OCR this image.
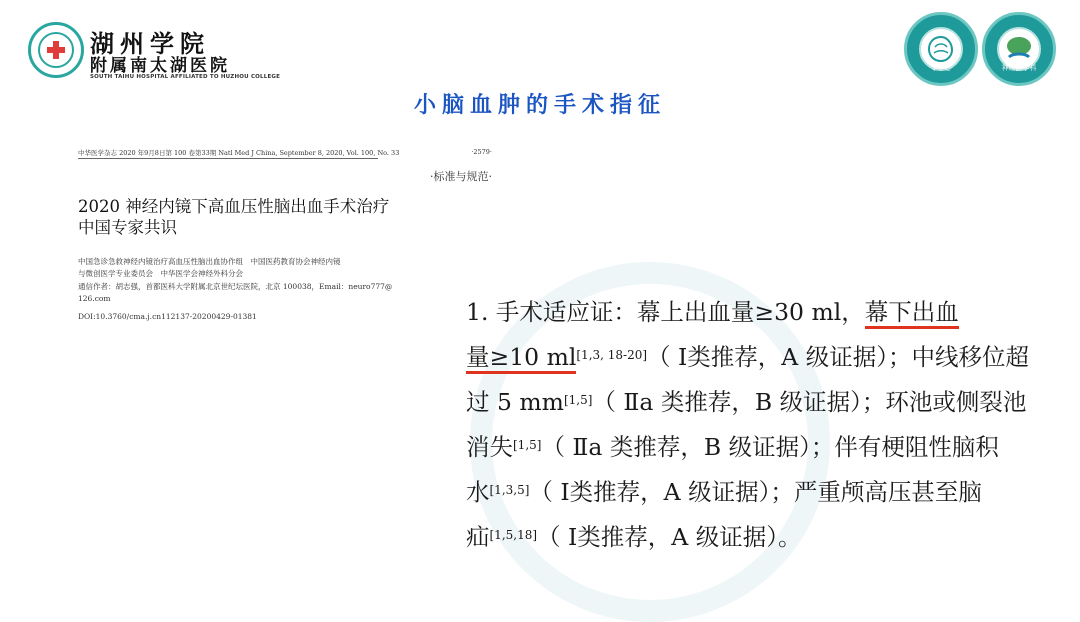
湖州学院
附属南太湖医院
SOUTH TAIHU HOSPITAL AFFILIATED TO HUZHOU COLLEGE
专中心	神经医学科
小脑血肿的手术指征
中华医学杂志 2020 年9月8日第 100 卷第33期 Natl Med J China, September 8, 2020, Vol. 100, No. 33	·2579·
·标准与规范·
2020 神经内镜下高血压性脑出血手术治疗
中国专家共识
中国急诊急救神经内镜治疗高血压性脑出血协作组　中国医药教育协会神经内镜
与微创医学专业委员会　中华医学会神经外科分会
通信作者：胡志强，首都医科大学附属北京世纪坛医院，北京 100038，Email：neuro777@
126.com
DOI:10.3760/cma.j.cn112137-20200429-01381	1. 手术适应证：幕上出血量≥30 ml，幕下出血
量≥10 ml[1,3, 18-20]（ Ⅰ类推荐，A 级证据）；中线移位超
过 5 mm[1,5]（ Ⅱa 类推荐，B 级证据）；环池或侧裂池
消失[1,5]（ Ⅱa 类推荐，B 级证据）；伴有梗阻性脑积
水[1,3,5]（ Ⅰ类推荐，A 级证据）；严重颅高压甚至脑
疝[1,5,18]（ Ⅰ类推荐，A 级证据）。
